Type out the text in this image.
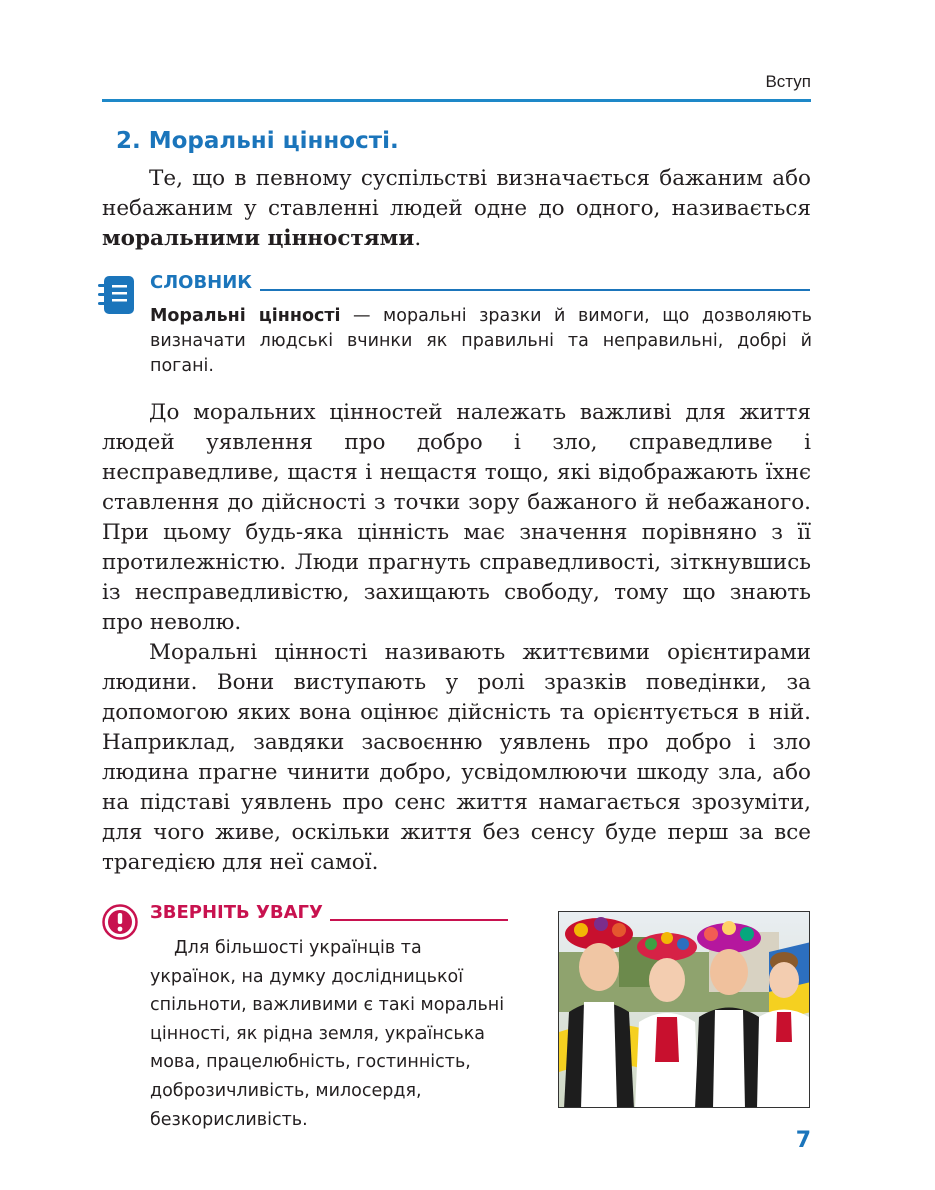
Вступ
2. Моральні цінності.

Те, що в певному суспільстві визначається бажаним або небажаним у ставленні людей одне до одного, називається моральними цінностями.

СЛОВНИК
Моральні цінності — моральні зразки й вимоги, що дозволяють визначати людські вчинки як правильні та неправильні, добрі й погані.

До моральних цінностей належать важливі для життя людей уявлення про добро і зло, справедливе і несправедливе, щастя і нещастя тощо, які відображають їхнє ставлення до дійсності з точки зору бажаного й небажаного. При цьому будь-яка цінність має значення порівняно з її протилежністю. Люди прагнуть справедливості, зіткнувшись із несправедливістю, захищають свободу, тому що знають про неволю.

Моральні цінності називають життєвими орієнтирами людини. Вони виступають у ролі зразків поведінки, за допомогою яких вона оцінює дійсність та орієнтується в ній. Наприклад, завдяки засвоєнню уявлень про добро і зло людина прагне чинити добро, усвідомлюючи шкоду зла, або на підставі уявлень про сенс життя намагається зрозуміти, для чого живе, оскільки життя без сенсу буде перш за все трагедією для неї самої.

ЗВЕРНІТЬ УВАГУ

Для більшості українців та українок, на думку дослідницької спільноти, важливими є такі моральні цінності, як рідна земля, українська мова, працелюбність, гостинність, доброзичливість, милосердя, безкорисливість.

7
